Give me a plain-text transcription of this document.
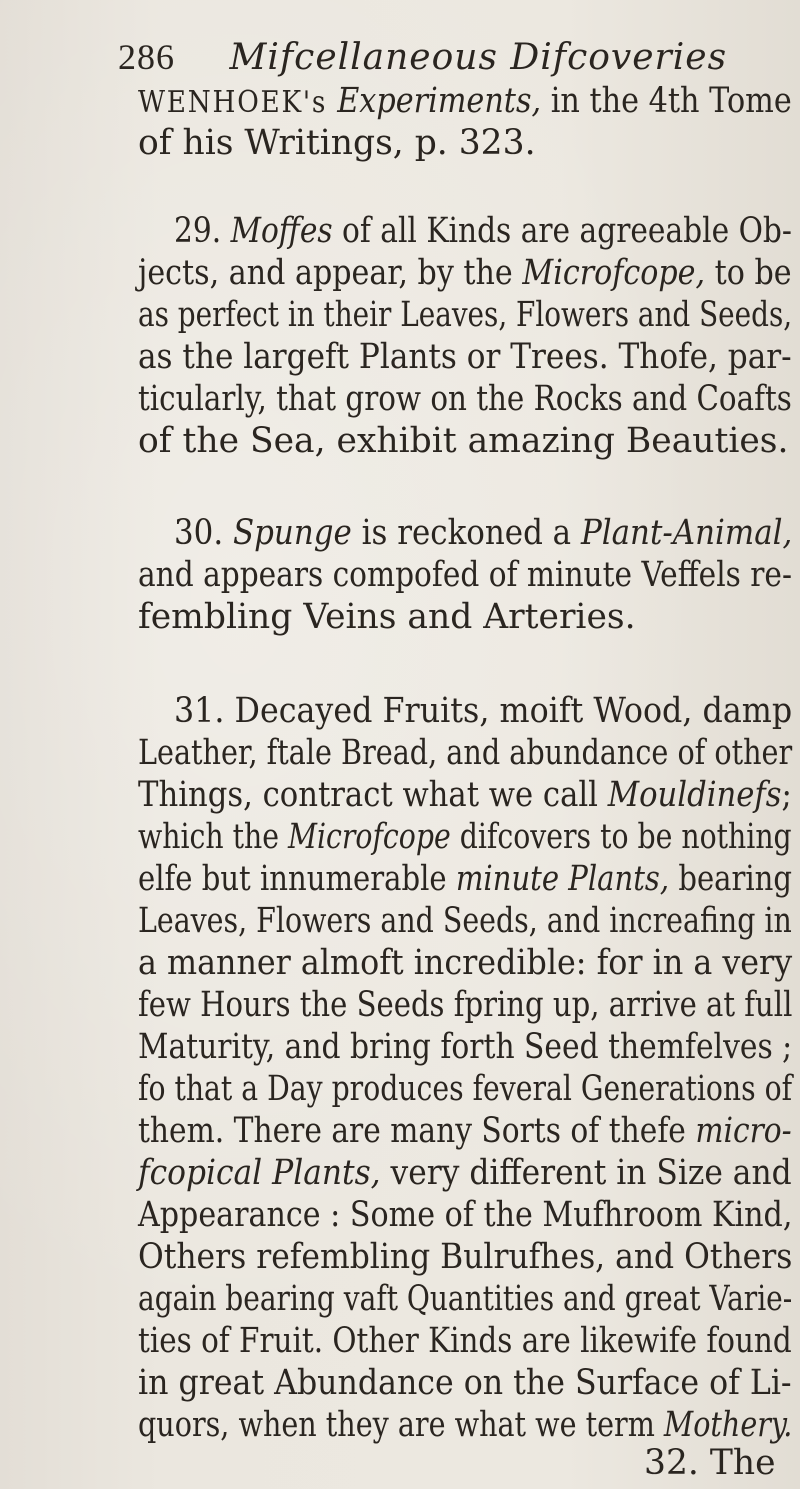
286 Mifcellaneous Difcoveries
WENHOEK's Experiments, in the 4th Tome
of his Writings, p. 323.
29. Moffes of all Kinds are agreeable Ob-
jects, and appear, by the Microfcope, to be
as perfect in their Leaves, Flowers and Seeds,
as the largeft Plants or Trees. Thofe, par-
ticularly, that grow on the Rocks and Coafts
of the Sea, exhibit amazing Beauties.
30. Spunge is reckoned a Plant-Animal,
and appears compofed of minute Veffels re-
fembling Veins and Arteries.
31. Decayed Fruits, moift Wood, damp
Leather, ftale Bread, and abundance of other
Things, contract what we call Mouldinefs;
which the Microfcope difcovers to be nothing
elfe but innumerable minute Plants, bearing
Leaves, Flowers and Seeds, and increafing in
a manner almoft incredible: for in a very
few Hours the Seeds fpring up, arrive at full
Maturity, and bring forth Seed themfelves ;
fo that a Day produces feveral Generations of
them. There are many Sorts of thefe micro-
fcopical Plants, very different in Size and
Appearance : Some of the Mufhroom Kind,
Others refembling Bulrufhes, and Others
again bearing vaft Quantities and great Varie-
ties of Fruit. Other Kinds are likewife found
in great Abundance on the Surface of Li-
quors, when they are what we term Mothery.
32. The
